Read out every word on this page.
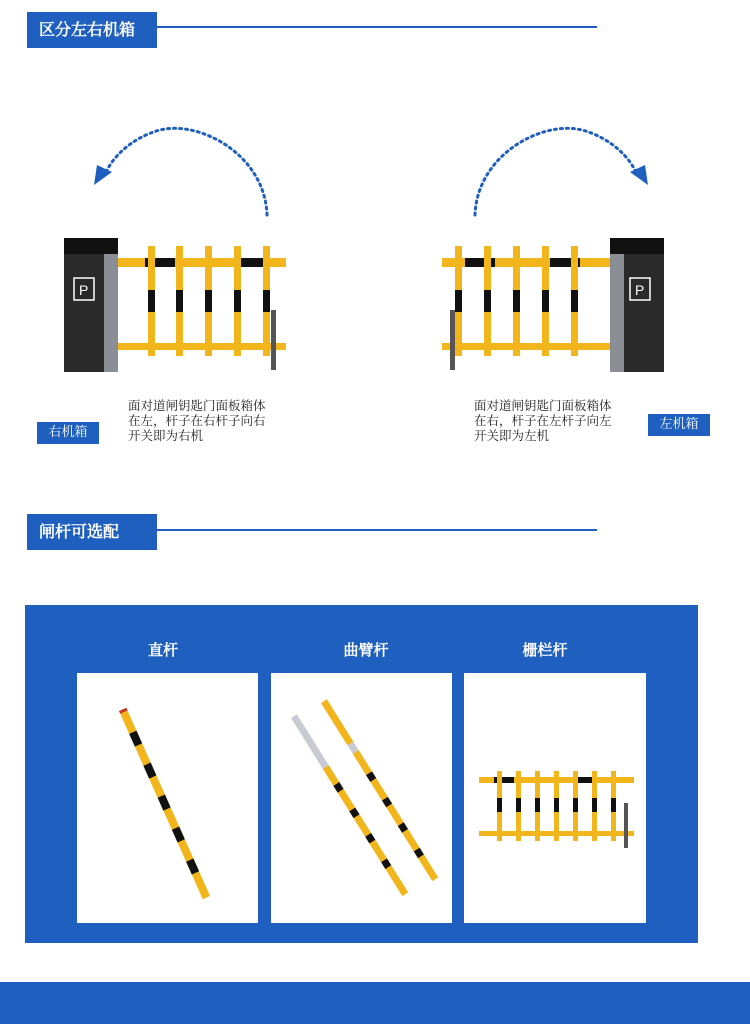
区分左右机箱
P	P
右机箱
面对道闸钥匙门面板箱体
在左，杆子在右杆子向右
开关即为右机
面对道闸钥匙门面板箱体
在右，杆子在左杆子向左
开关即为左机
左机箱
闸杆可选配
直杆	曲臂杆	栅栏杆
